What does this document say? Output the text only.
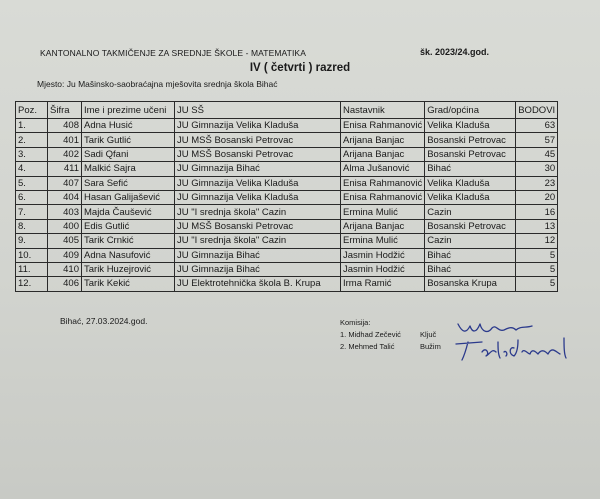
KANTONALNO TAKMIČENJE ZA SREDNJE ŠKOLE - MATEMATIKA	šk. 2023/24.god.
IV ( četvrti ) razred
Mjesto: Ju Mašinsko-saobraćajna mješovita srednja škola Bihać
Poz.	Šifra	Ime i prezime učeni	JU SŠ	Nastavnik	Grad/općina	BODOVI
1.	408	Adna Husić	JU Gimnazija Velika Kladuša	Enisa Rahmanović	Velika Kladuša	63
2.	401	Tarik Gutlić	JU MSŠ Bosanski Petrovac	Arijana Banjac	Bosanski Petrovac	57
3.	402	Sadi Qfani	JU MSŠ Bosanski Petrovac	Arijana Banjac	Bosanski Petrovac	45
4.	411	Malkić Sajra	JU Gimnazija Bihać	Alma Jušanović	Bihać	30
5.	407	Sara Sefić	JU Gimnazija Velika Kladuša	Enisa Rahmanović	Velika Kladuša	23
6.	404	Hasan Galijašević	JU Gimnazija Velika Kladuša	Enisa Rahmanović	Velika Kladuša	20
7.	403	Majda Čaušević	JU "I srednja škola" Cazin	Ermina Mulić	Cazin	16
8.	400	Edis Gutlić	JU MSŠ Bosanski Petrovac	Arijana Banjac	Bosanski Petrovac	13
9.	405	Tarik Crnkić	JU "I srednja škola" Cazin	Ermina Mulić	Cazin	12
10.	409	Adna Nasufović	JU Gimnazija Bihać	Jasmin Hodžić	Bihać	5
11.	410	Tarik Huzejrović	JU Gimnazija Bihać	Jasmin Hodžić	Bihać	5
12.	406	Tarik Kekić	JU Elektrotehnička škola B. Krupa	Irma Ramić	Bosanska Krupa	5
Bihać, 27.03.2024.god.	Komisija:
1. Midhad Zečević	Ključ
2. Mehmed Talić	Bužim
